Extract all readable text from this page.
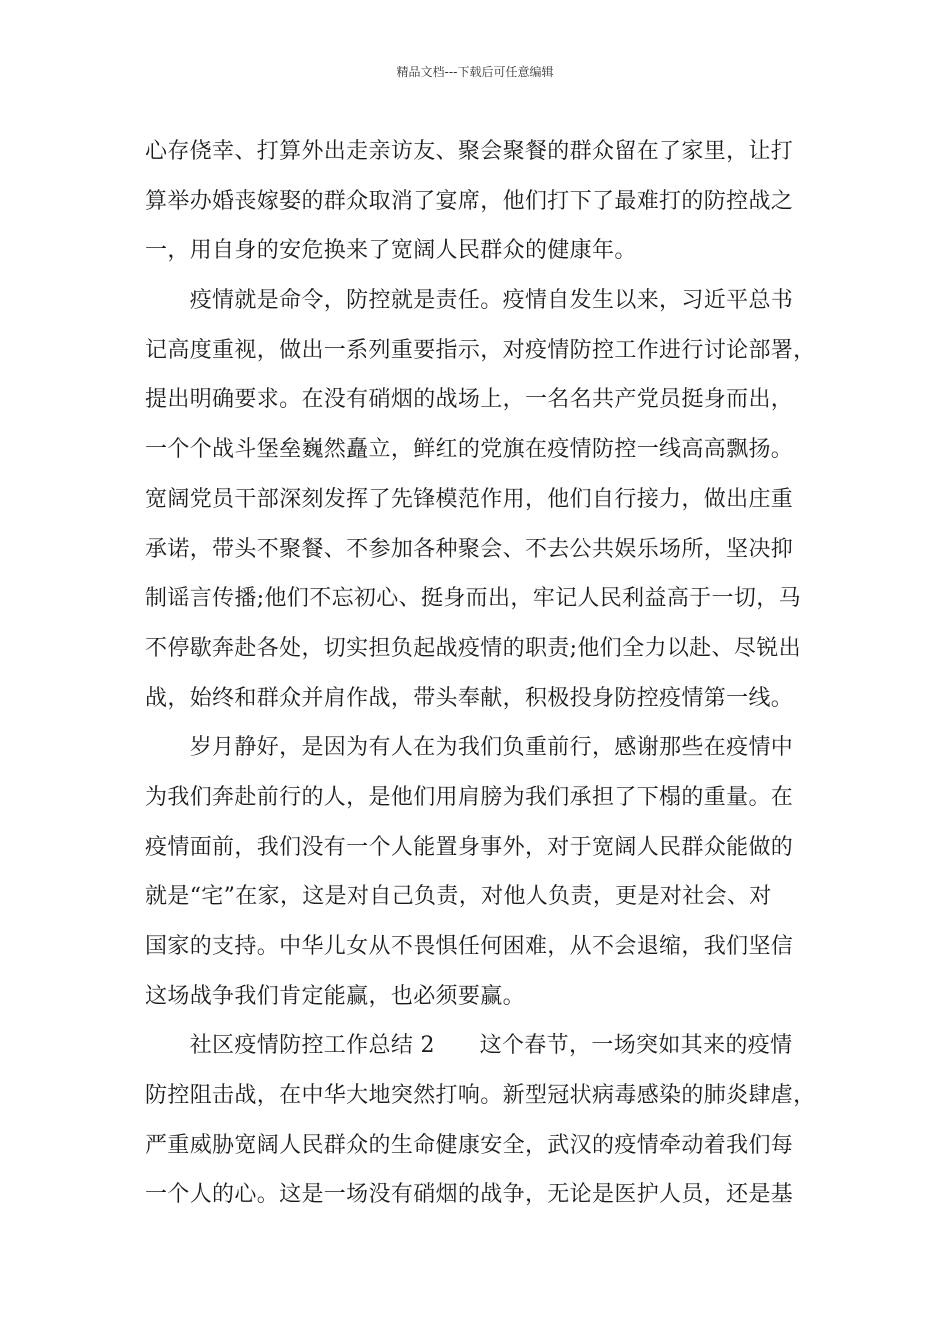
精品文档---下载后可任意编辑
心存侥幸、打算外出走亲访友、聚会聚餐的群众留在了家里，让打
算举办婚丧嫁娶的群众取消了宴席，他们打下了最难打的防控战之
一，用自身的安危换来了宽阔人民群众的健康年。
　　疫情就是命令，防控就是责任。疫情自发生以来，习近平总书
记高度重视，做出一系列重要指示，对疫情防控工作进行讨论部署，
提出明确要求。在没有硝烟的战场上，一名名共产党员挺身而出，
一个个战斗堡垒巍然矗立，鲜红的党旗在疫情防控一线高高飘扬。
宽阔党员干部深刻发挥了先锋模范作用，他们自行接力，做出庄重
承诺，带头不聚餐、不参加各种聚会、不去公共娱乐场所，坚决抑
制谣言传播;他们不忘初心、挺身而出，牢记人民利益高于一切，马
不停歇奔赴各处，切实担负起战疫情的职责;他们全力以赴、尽锐出
战，始终和群众并肩作战，带头奉献，积极投身防控疫情第一线。
　　岁月静好，是因为有人在为我们负重前行，感谢那些在疫情中
为我们奔赴前行的人，是他们用肩膀为我们承担了下榻的重量。在
疫情面前，我们没有一个人能置身事外，对于宽阔人民群众能做的
就是“宅”在家，这是对自己负责，对他人负责，更是对社会、对
国家的支持。中华儿女从不畏惧任何困难，从不会退缩，我们坚信
这场战争我们肯定能赢，也必须要赢。
　　社区疫情防控工作总结 2　　这个春节，一场突如其来的疫情
防控阻击战，在中华大地突然打响。新型冠状病毒感染的肺炎肆虐，
严重威胁宽阔人民群众的生命健康安全，武汉的疫情牵动着我们每
一个人的心。这是一场没有硝烟的战争，无论是医护人员，还是基
